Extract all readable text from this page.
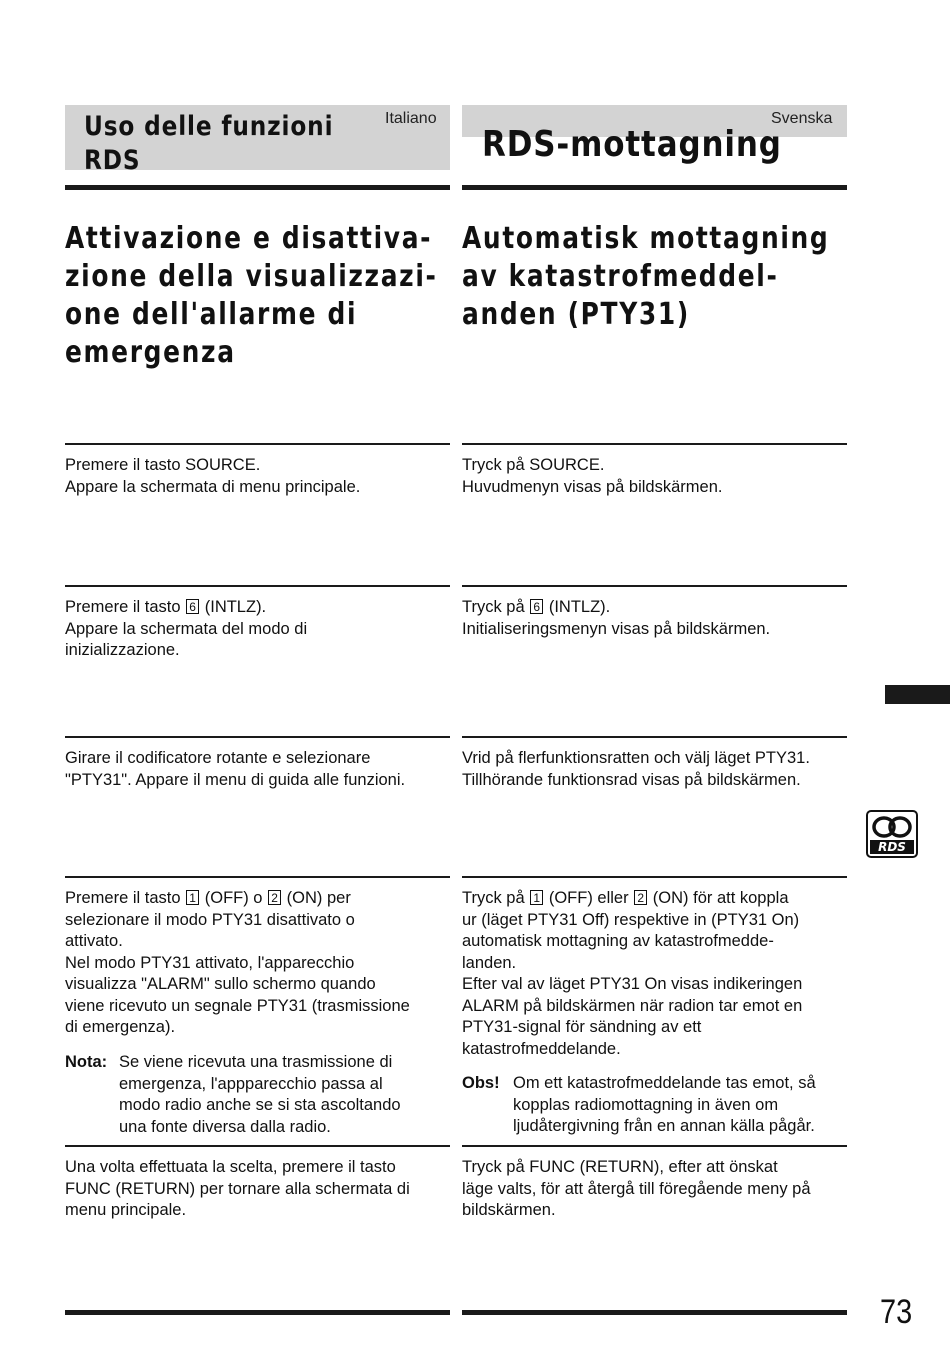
Uso delle funzioni
RDS
Italiano	Svenska
RDS-mottagning
Attivazione e disattiva-
zione della visualizzazi-
one dell'allarme di
emergenza
Automatisk mottagning
av katastrofmeddel-
anden (PTY31)
Premere il tasto SOURCE.
Appare la schermata di menu principale.
Tryck på SOURCE.
Huvudmenyn visas på bildskärmen.
Premere il tasto 6 (INTLZ).
Appare la schermata del modo di
inizializzazione.
Tryck på 6 (INTLZ).
Initialiseringsmenyn visas på bildskärmen.
Girare il codificatore rotante e selezionare
"PTY31". Appare il menu di guida alle funzioni.
Vrid på flerfunktionsratten och välj läget PTY31.
Tillhörande funktionsrad visas på bildskärmen.
Premere il tasto 1 (OFF) o 2 (ON) per
selezionare il modo PTY31 disattivato o
attivato.
Nel modo PTY31 attivato, l'apparecchio
visualizza "ALARM" sullo schermo quando
viene ricevuto un segnale PTY31 (trasmissione
di emergenza).
Tryck på 1 (OFF) eller 2 (ON) för att koppla
ur (läget PTY31 Off) respektive in (PTY31 On)
automatisk mottagning av katastrofmedde-
landen.
Efter val av läget PTY31 On visas indikeringen
ALARM på bildskärmen när radion tar emot en
PTY31-signal för sändning av ett
katastrofmeddelande.
Nota: Se viene ricevuta una trasmissione di
emergenza, l'appparecchio passa al
modo radio anche se si sta ascoltando
una fonte diversa dalla radio.
Obs! Om ett katastrofmeddelande tas emot, så
kopplas radiomottagning in även om
ljudåtergivning från en annan källa pågår.
Una volta effettuata la scelta, premere il tasto
FUNC (RETURN) per tornare alla schermata di
menu principale.
Tryck på FUNC (RETURN), efter att önskat
läge valts, för att återgå till föregående meny på
bildskärmen.
RDS
73
